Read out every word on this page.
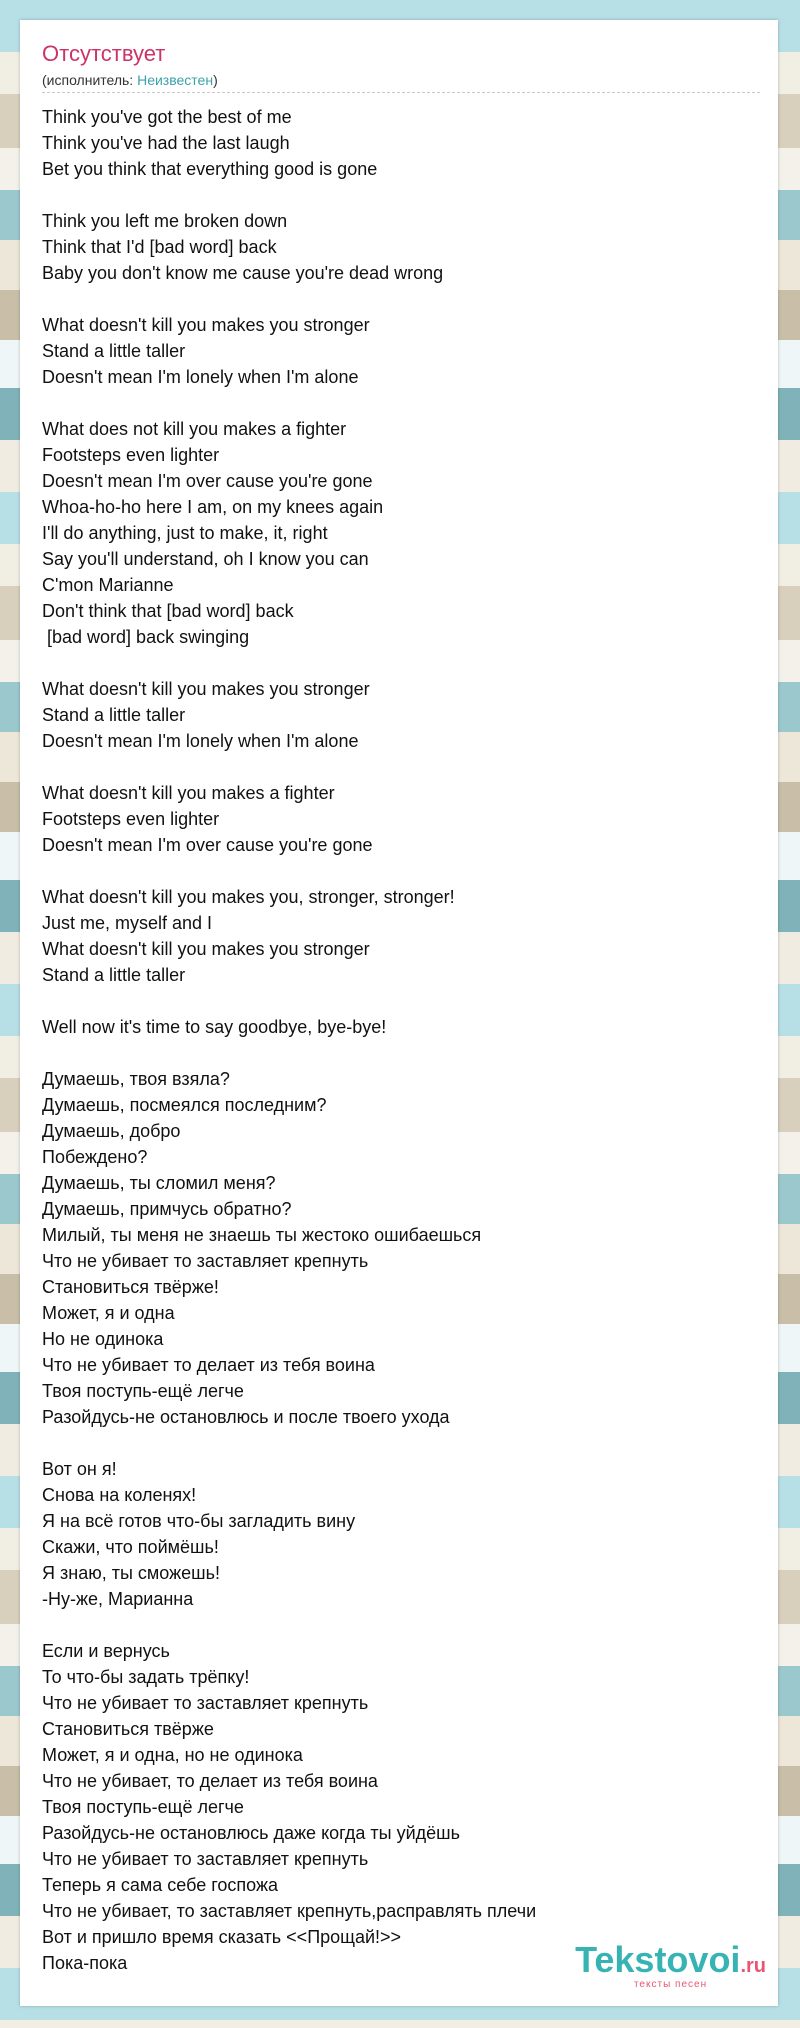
Отсутствует
(исполнитель: Неизвестен)
Think you've got the best of me
Think you've had the last laugh
Bet you think that everything good is gone
Think you left me broken down
Think that I'd [bad word] back
Baby you don't know me cause you're dead wrong
What doesn't kill you makes you stronger
Stand a little taller
Doesn't mean I'm lonely when I'm alone
What does not kill you makes a fighter
Footsteps even lighter
Doesn't mean I'm over cause you're gone
Whoa-ho-ho here I am, on my knees again
I'll do anything, just to make, it, right
Say you'll understand, oh I know you can
C'mon Marianne
Don't think that [bad word] back
[bad word] back swinging
What doesn't kill you makes you stronger
Stand a little taller
Doesn't mean I'm lonely when I'm alone
What doesn't kill you makes a fighter
Footsteps even lighter
Doesn't mean I'm over cause you're gone
What doesn't kill you makes you, stronger, stronger!
Just me, myself and I
What doesn't kill you makes you stronger
Stand a little taller
Well now it's time to say goodbye, bye-bye!
Думаешь, твоя взяла?
Думаешь, посмеялся последним?
Думаешь, добро
Побеждено?
Думаешь, ты сломил меня?
Думаешь, примчусь обратно?
Милый, ты меня не знаешь ты жестоко ошибаешься
Что не убивает то заставляет крепнуть
Становиться твёрже!
Может, я и одна
Но не одинока
Что не убивает то делает из тебя воина
Твоя поступь-ещё легче
Разойдусь-не остановлюсь и после твоего ухода
Вот он я!
Снова на коленях!
Я на всё готов что-бы загладить вину
Скажи, что поймёшь!
Я знаю, ты сможешь!
-Ну-же, Марианна
Если и вернусь
То что-бы задать трёпку!
Что не убивает то заставляет крепнуть
Становиться твёрже
Может, я и одна, но не одинока
Что не убивает, то делает из тебя воина
Твоя поступь-ещё легче
Разойдусь-не остановлюсь даже когда ты уйдёшь
Что не убивает то заставляет крепнуть
Теперь я сама себе госпожа
Что не убивает, то заставляет крепнуть,расправлять плечи
Вот и пришло время сказать <<Прощай!>>
Пока-пока	Tekstovoi.ru
тексты песен
